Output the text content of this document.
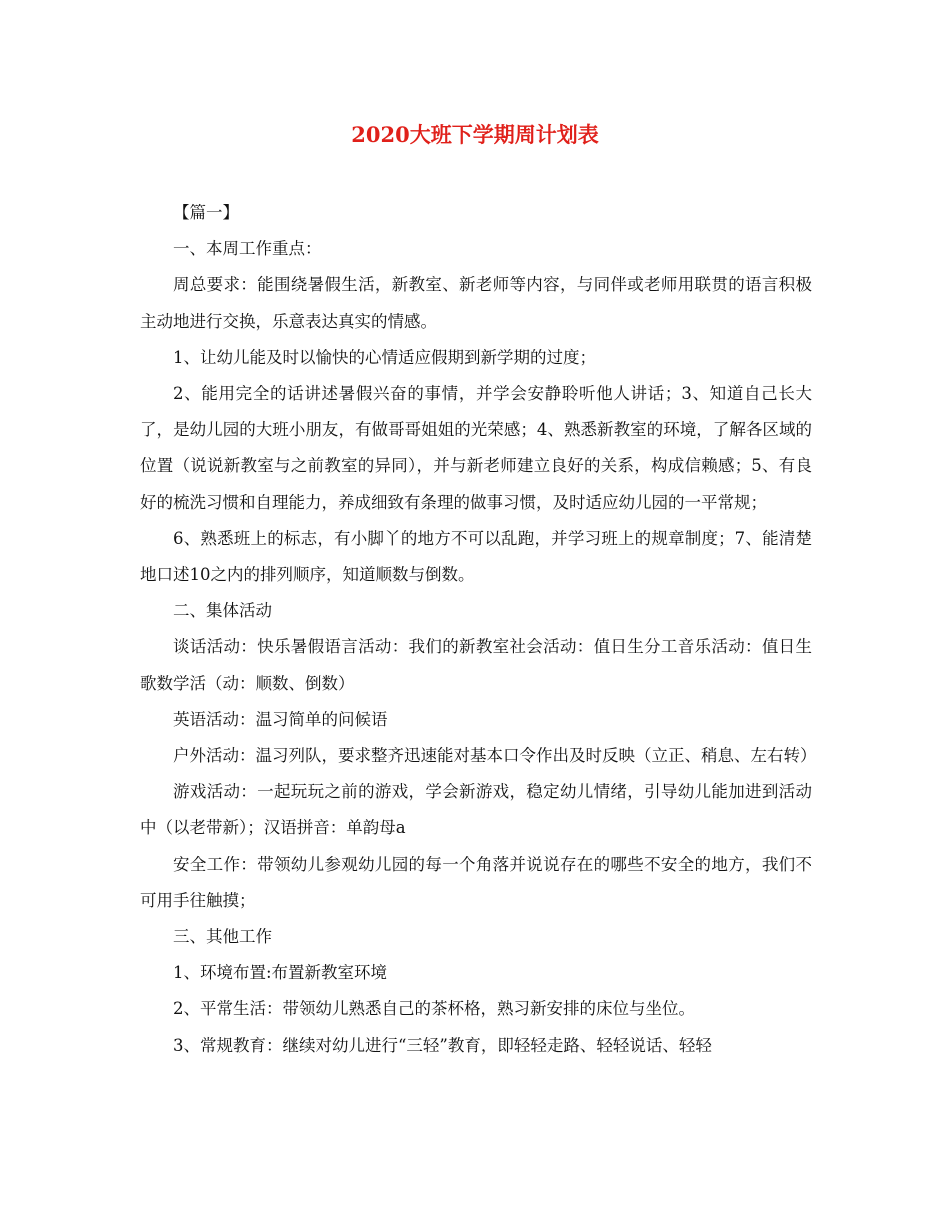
2020大班下学期周计划表

【篇一】

一、本周工作重点：

周总要求：能围绕暑假生活，新教室、新老师等内容，与同伴或老师用联贯的语言积极主动地进行交换，乐意表达真实的情感。

1、让幼儿能及时以愉快的心情适应假期到新学期的过度；

2、能用完全的话讲述暑假兴奋的事情，并学会安静聆听他人讲话；3、知道自己长大了，是幼儿园的大班小朋友，有做哥哥姐姐的光荣感；4、熟悉新教室的环境，了解各区域的位置（说说新教室与之前教室的异同），并与新老师建立良好的关系，构成信赖感；5、有良好的梳洗习惯和自理能力，养成细致有条理的做事习惯，及时适应幼儿园的一平常规；

6、熟悉班上的标志，有小脚丫的地方不可以乱跑，并学习班上的规章制度；7、能清楚地口述10之内的排列顺序，知道顺数与倒数。

二、集体活动

谈话活动：快乐暑假语言活动：我们的新教室社会活动：值日生分工音乐活动：值日生歌数学活（动：顺数、倒数）

英语活动：温习简单的问候语

户外活动：温习列队，要求整齐迅速能对基本口令作出及时反映（立正、稍息、左右转）

游戏活动：一起玩玩之前的游戏，学会新游戏，稳定幼儿情绪，引导幼儿能加进到活动中（以老带新）；汉语拼音：单韵母a

安全工作：带领幼儿参观幼儿园的每一个角落并说说存在的哪些不安全的地方，我们不可用手往触摸；

三、其他工作

1、环境布置:布置新教室环境

2、平常生活：带领幼儿熟悉自己的茶杯格，熟习新安排的床位与坐位。

3、常规教育：继续对幼儿进行“三轻”教育，即轻轻走路、轻轻说话、轻轻
